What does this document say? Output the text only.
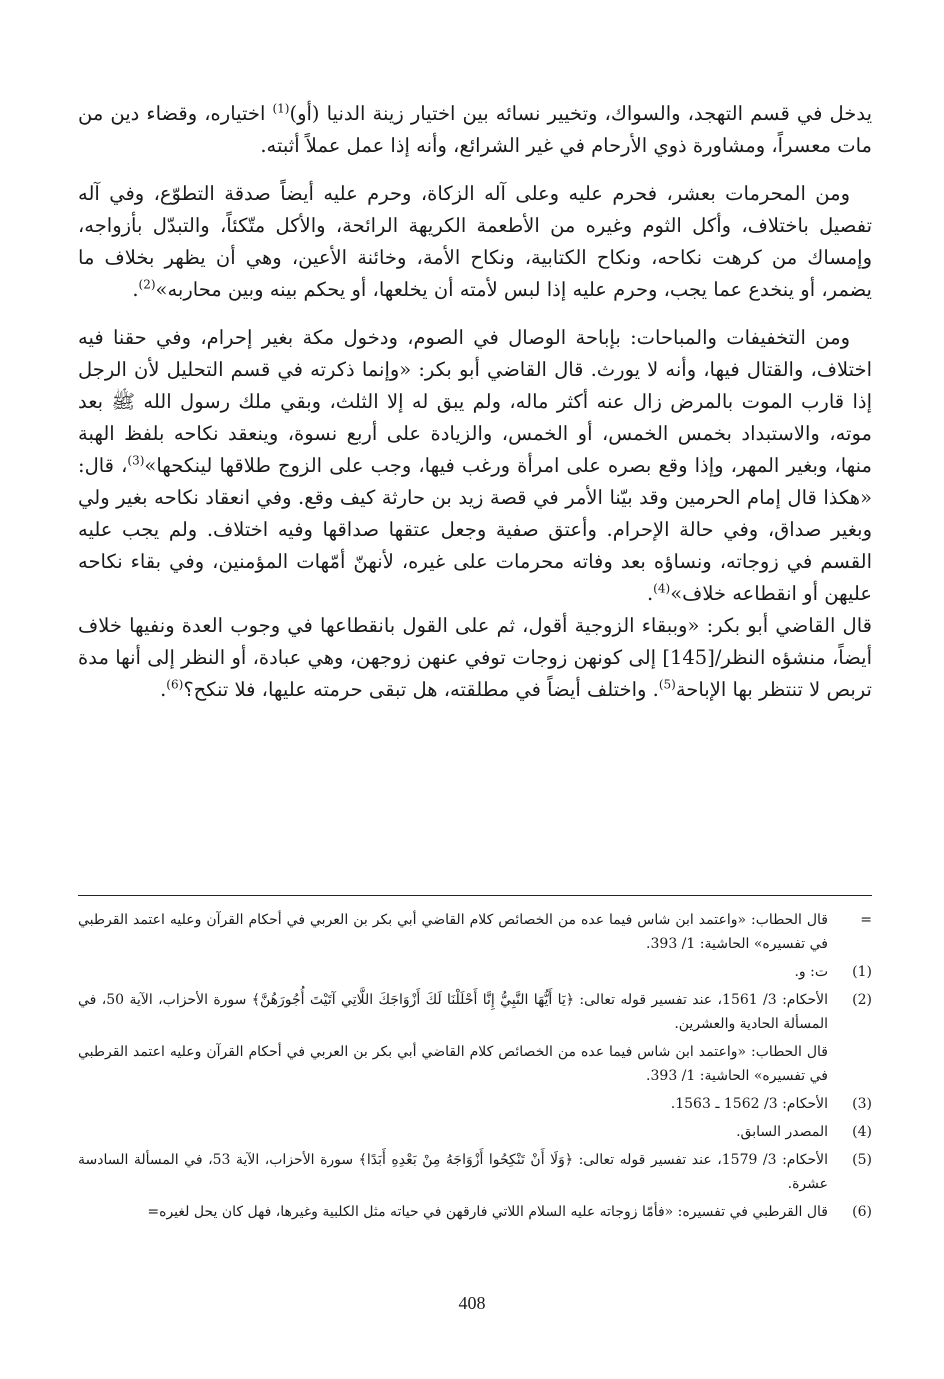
يدخل في قسم التهجد، والسواك، وتخيير نسائه بين اختيار زينة الدنيا (أو)$^{(1)}$ اختياره، وقضاء دين من مات معسراً، ومشاورة ذوي الأرحام في غير الشرائع، وأنه إذا عمل عملاً أثبته.

ومن المحرمات بعشر، فحرم عليه وعلى آله الزكاة، وحرم عليه أيضاً صدقة التطوّع، وفي آله تفصيل باختلاف، وأكل الثوم وغيره من الأطعمة الكريهة الرائحة، والأكل متّكئاً، والتبدّل بأزواجه، وإمساك من كرهت نكاحه، ونكاح الكتابية، ونكاح الأمة، وخائنة الأعين، وهي أن يظهر بخلاف ما يضمر، أو ينخدع عما يجب، وحرم عليه إذا لبس لأمته أن يخلعها، أو يحكم بينه وبين محاربه»$^{(2)}$.

ومن التخفيفات والمباحات: بإباحة الوصال في الصوم، ودخول مكة بغير إحرام، وفي حقنا فيه اختلاف، والقتال فيها، وأنه لا يورث. قال القاضي أبو بكر: «وإنما ذكرته في قسم التحليل لأن الرجل إذا قارب الموت بالمرض زال عنه أكثر ماله، ولم يبق له إلا الثلث، وبقي ملك رسول الله ﷺ بعد موته، والاستبداد بخمس الخمس، أو الخمس، والزيادة على أربع نسوة، وينعقد نكاحه بلفظ الهبة منها، وبغير المهر، وإذا وقع بصره على امرأة ورغب فيها، وجب على الزوج طلاقها لينكحها»$^{(3)}$، قال: «هكذا قال إمام الحرمين وقد بيّنا الأمر في قصة زيد بن حارثة كيف وقع. وفي انعقاد نكاحه بغير ولي وبغير صداق، وفي حالة الإحرام. وأعتق صفية وجعل عتقها صداقها وفيه اختلاف. ولم يجب عليه القسم في زوجاته، ونساؤه بعد وفاته محرمات على غيره، لأنهنّ أمّهات المؤمنين، وفي بقاء نكاحه عليهن أو انقطاعه خلاف»$^{(4)}$.

قال القاضي أبو بكر: «وببقاء الزوجية أقول، ثم على القول بانقطاعها في وجوب العدة ونفيها خلاف أيضاً، منشؤه النظر/[145] إلى كونهن زوجات توفي عنهن زوجهن، وهي عبادة، أو النظر إلى أنها مدة تربص لا تنتظر بها الإباحة$^{(5)}$. واختلف أيضاً في مطلقته، هل تبقى حرمته عليها، فلا تنكح؟$^{(6)}$.

=
قال الحطاب: «واعتمد ابن شاس فيما عده من الخصائص كلام القاضي أبي بكر بن العربي في أحكام القرآن وعليه اعتمد القرطبي في تفسيره» الحاشية: 1/ 393.
(1)
ت: و.
(2)
الأحكام: 3/ 1561، عند تفسير قوله تعالى: ﴿يَا أَيُّهَا النَّبِيُّ إِنَّا أَحْلَلْنَا لَكَ أَزْوَاجَكَ اللَّاتِي آتَيْتَ أُجُورَهُنَّ﴾ سورة الأحزاب، الآية 50، في المسألة الحادية والعشرين.
قال الحطاب: «واعتمد ابن شاس فيما عده من الخصائص كلام القاضي أبي بكر بن العربي في أحكام القرآن وعليه اعتمد القرطبي في تفسيره» الحاشية: 1/ 393.
(3)
الأحكام: 3/ 1562 ـ 1563.
(4)
المصدر السابق.
(5)
الأحكام: 3/ 1579، عند تفسير قوله تعالى: ﴿وَلَا أَنْ تَنْكِحُوا أَزْوَاجَهُ مِنْ بَعْدِهِ أَبَدًا﴾ سورة الأحزاب، الآية 53، في المسألة السادسة عشرة.
(6)
قال القرطبي في تفسيره: «فأمّا زوجاته عليه السلام اللاتي فارقهن في حياته مثل الكلبية وغيرها، فهل كان يحل لغيره=
408
